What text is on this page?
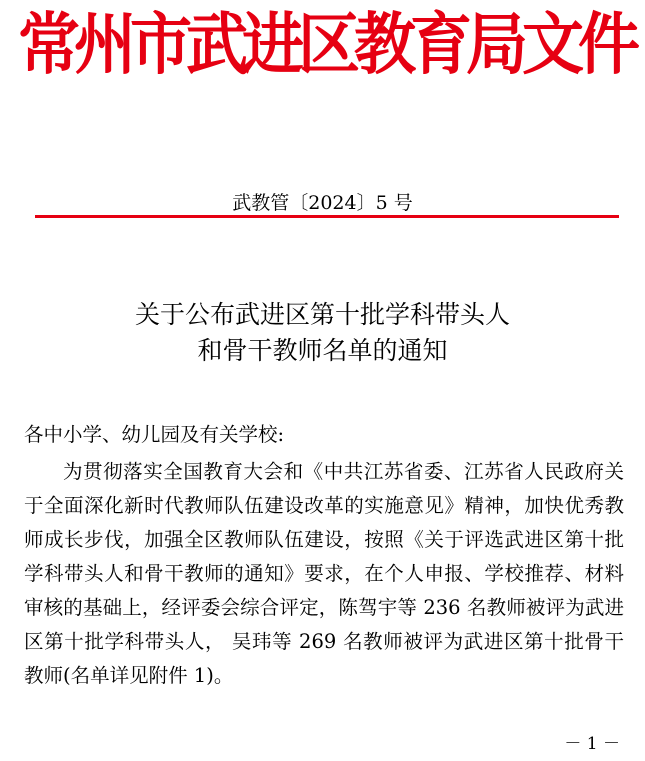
常
州
市
武
进
区
教
育
局
文
件
武教管〔2024〕5 号
关于公布武进区第十批学科带头人
和骨干教师名单的通知
各中小学、幼儿园及有关学校:
为贯彻落实全国教育大会和《中共江苏省委、江苏省人民政府关于全面深化新时代教师队伍建设改革的实施意见》精神，加快优秀教师成长步伐，加强全区教师队伍建设，按照《关于评选武进区第十批学科带头人和骨干教师的通知》要求，在个人申报、学校推荐、材料审核的基础上，经评委会综合评定，陈驾宇等 236 名教师被评为武进区第十批学科带头人， 吴玮等 269 名教师被评为武进区第十批骨干教师(名单详见附件 1)。
－ 1 －
